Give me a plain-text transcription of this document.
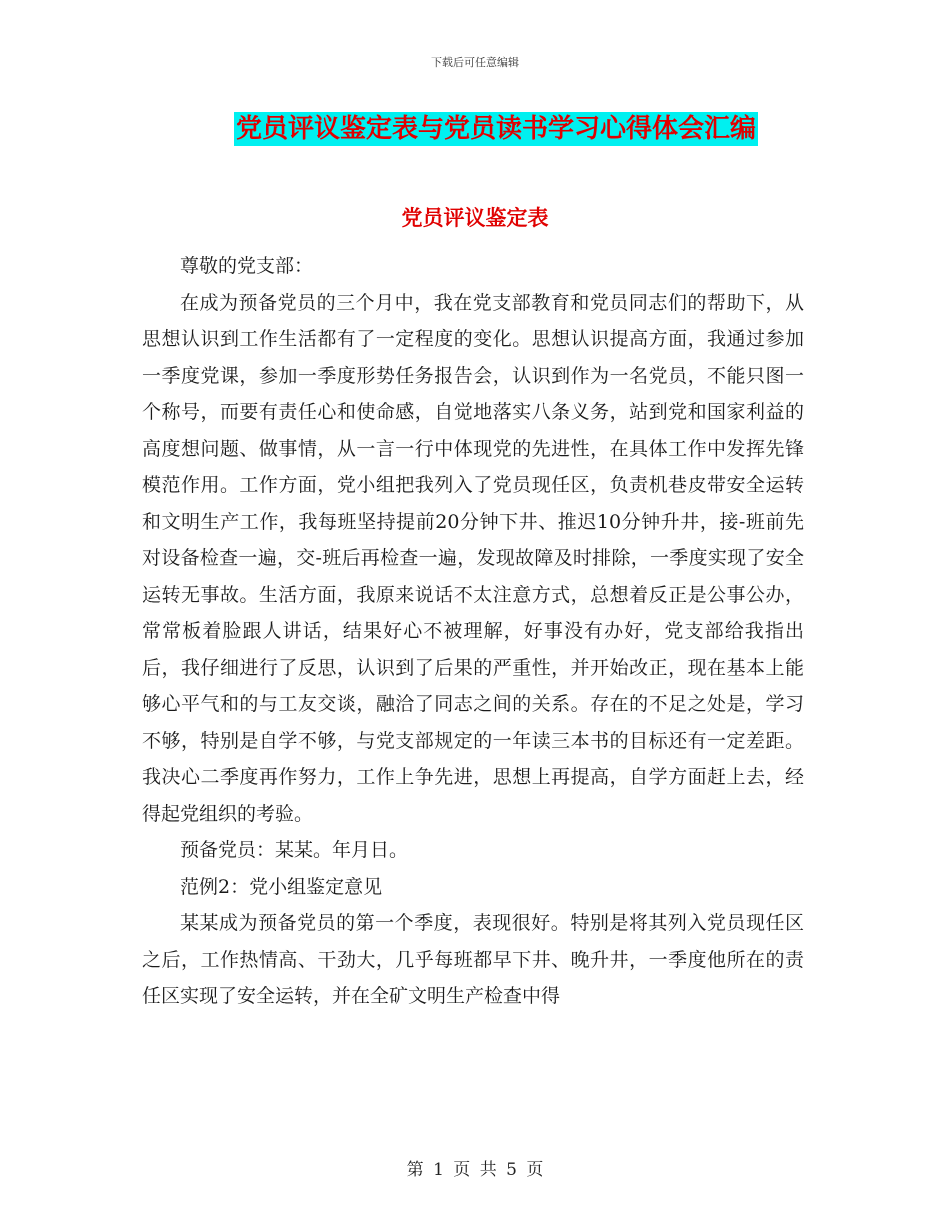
下载后可任意编辑
党员评议鉴定表与党员读书学习心得体会汇编
党员评议鉴定表

尊敬的党支部：

在成为预备党员的三个月中，我在党支部教育和党员同志们的帮助下，从思想认识到工作生活都有了一定程度的变化。思想认识提高方面，我通过参加一季度党课，参加一季度形势任务报告会，认识到作为一名党员，不能只图一个称号，而要有责任心和使命感，自觉地落实八条义务，站到党和国家利益的高度想问题、做事情，从一言一行中体现党的先进性，在具体工作中发挥先锋模范作用。工作方面，党小组把我列入了党员现任区，负责机巷皮带安全运转和文明生产工作，我每班坚持提前20分钟下井、推迟10分钟升井，接-班前先对设备检查一遍，交-班后再检查一遍，发现故障及时排除，一季度实现了安全运转无事故。生活方面，我原来说话不太注意方式，总想着反正是公事公办，常常板着脸跟人讲话，结果好心不被理解，好事没有办好，党支部给我指出后，我仔细进行了反思，认识到了后果的严重性，并开始改正，现在基本上能够心平气和的与工友交谈，融洽了同志之间的关系。存在的不足之处是，学习不够，特别是自学不够，与党支部规定的一年读三本书的目标还有一定差距。我决心二季度再作努力，工作上争先进，思想上再提高，自学方面赶上去，经得起党组织的考验。

预备党员：某某。年月日。

范例2：党小组鉴定意见

某某成为预备党员的第一个季度，表现很好。特别是将其列入党员现任区之后，工作热情高、干劲大，几乎每班都早下井、晚升井，一季度他所在的责任区实现了安全运转，并在全矿文明生产检查中得

第 1 页 共 5 页
